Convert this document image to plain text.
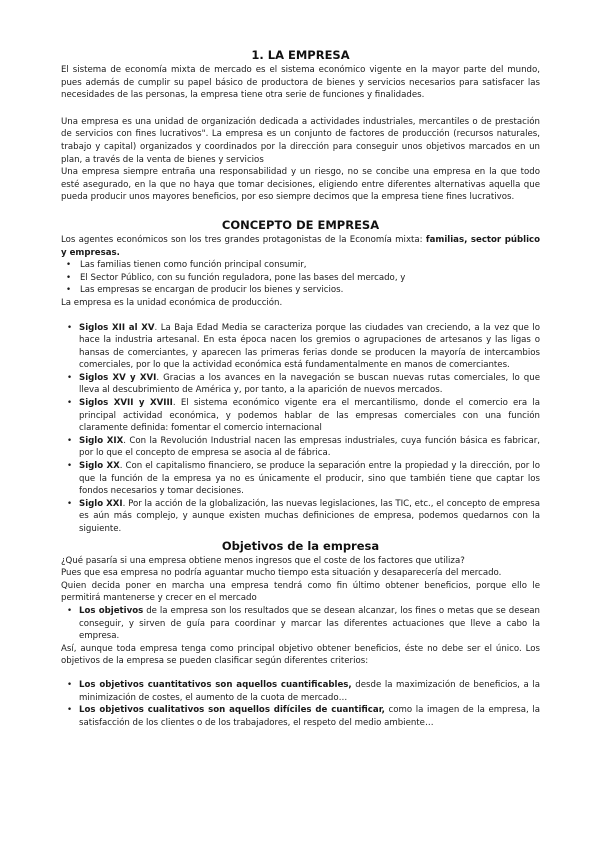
1. LA EMPRESA

El sistema de economía mixta de mercado es el sistema económico vigente en la mayor parte del mundo, pues además de cumplir su papel básico de productora de bienes y servicios necesarios para satisfacer las necesidades de las personas, la empresa tiene otra serie de funciones y finalidades.

Una empresa es una unidad de organización dedicada a actividades industriales, mercantiles o de prestación de servicios con fines lucrativos". La empresa es un conjunto de factores de producción (recursos naturales, trabajo y capital) organizados y coordinados por la dirección para conseguir unos objetivos marcados en un plan, a través de la venta de bienes y servicios

Una empresa siempre entraña una responsabilidad y un riesgo, no se concibe una empresa en la que todo esté asegurado, en la que no haya que tomar decisiones, eligiendo entre diferentes alternativas aquella que pueda producir unos mayores beneficios, por eso siempre decimos que la empresa tiene fines lucrativos.

CONCEPTO DE EMPRESA

Los agentes económicos son los tres grandes protagonistas de la Economía mixta: familias, sector público y empresas.

• Las familias tienen como función principal consumir,
• El Sector Público, con su función reguladora, pone las bases del mercado, y
• Las empresas se encargan de producir los bienes y servicios.

La empresa es la unidad económica de producción.

• Siglos XII al XV. La Baja Edad Media se caracteriza porque las ciudades van creciendo, a la vez que lo hace la industria artesanal. En esta época nacen los gremios o agrupaciones de artesanos y las ligas o hansas de comerciantes, y aparecen las primeras ferias donde se producen la mayoría de intercambios comerciales, por lo que la actividad económica está fundamentalmente en manos de comerciantes.
• Siglos XV y XVI. Gracias a los avances en la navegación se buscan nuevas rutas comerciales, lo que lleva al descubrimiento de América y, por tanto, a la aparición de nuevos mercados.
• Siglos XVII y XVIII. El sistema económico vigente era el mercantilismo, donde el comercio era la principal actividad económica, y podemos hablar de las empresas comerciales con una función claramente definida: fomentar el comercio internacional
• Siglo XIX. Con la Revolución Industrial nacen las empresas industriales, cuya función básica es fabricar, por lo que el concepto de empresa se asocia al de fábrica.
• Siglo XX. Con el capitalismo financiero, se produce la separación entre la propiedad y la dirección, por lo que la función de la empresa ya no es únicamente el producir, sino que también tiene que captar los fondos necesarios y tomar decisiones.
• Siglo XXI. Por la acción de la globalización, las nuevas legislaciones, las TIC, etc., el concepto de empresa es aún más complejo, y aunque existen muchas definiciones de empresa, podemos quedarnos con la siguiente.
Objetivos de la empresa

¿Qué pasaría si una empresa obtiene menos ingresos que el coste de los factores que utiliza?

Pues que esa empresa no podría aguantar mucho tiempo esta situación y desaparecería del mercado.

Quien decida poner en marcha una empresa tendrá como fin último obtener beneficios, porque ello le permitirá mantenerse y crecer en el mercado

• Los objetivos de la empresa son los resultados que se desean alcanzar, los fines o metas que se desean conseguir, y sirven de guía para coordinar y marcar las diferentes actuaciones que lleve a cabo la empresa.

Así, aunque toda empresa tenga como principal objetivo obtener beneficios, éste no debe ser el único. Los objetivos de la empresa se pueden clasificar según diferentes criterios:

• Los objetivos cuantitativos son aquellos cuantificables, desde la maximización de beneficios, a la minimización de costes, el aumento de la cuota de mercado…
• Los objetivos cualitativos son aquellos difíciles de cuantificar, como la imagen de la empresa, la satisfacción de los clientes o de los trabajadores, el respeto del medio ambiente…
